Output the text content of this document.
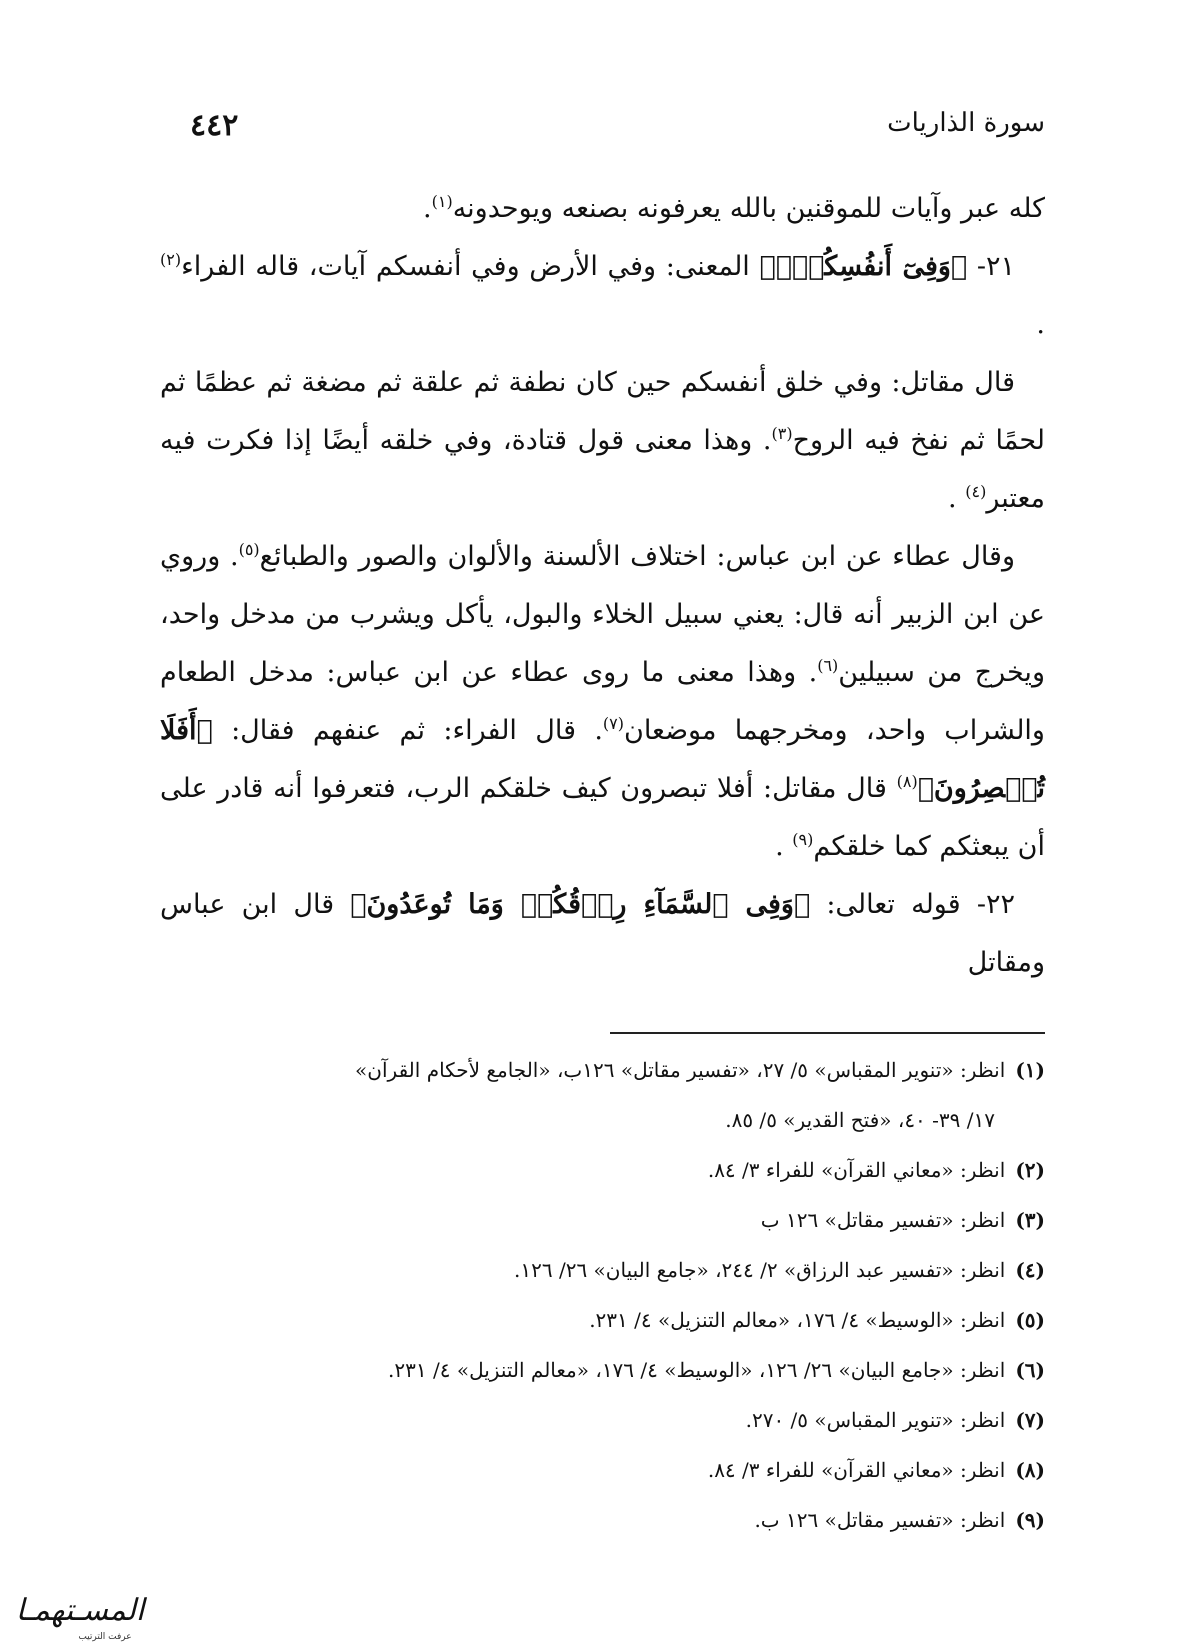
٤٤٢	سورة الذاريات

كله عبر وآيات للموقنين بالله يعرفونه بصنعه ويوحدونه$^{(١)}$.

٢١- ﴿وَفِىٓ أَنفُسِكُمْۚ﴾ المعنى: وفي الأرض وفي أنفسكم آيات، قاله الفراء$^{(٢)}$ .

قال مقاتل: وفي خلق أنفسكم حين كان نطفة ثم علقة ثم مضغة ثم عظمًا ثم لحمًا ثم نفخ فيه الروح$^{(٣)}$. وهذا معنى قول قتادة، وفي خلقه أيضًا إذا فكرت فيه معتبر$^{(٤)}$ .

وقال عطاء عن ابن عباس: اختلاف الألسنة والألوان والصور والطبائع$^{(٥)}$. وروي عن ابن الزبير أنه قال: يعني سبيل الخلاء والبول، يأكل ويشرب من مدخل واحد، ويخرج من سبيلين$^{(٦)}$. وهذا معنى ما روى عطاء عن ابن عباس: مدخل الطعام والشراب واحد، ومخرجهما موضعان$^{(٧)}$. قال الفراء: ثم عنفهم فقال: ﴿أَفَلَا تُبۡصِرُونَ﴾$^{(٨)}$ قال مقاتل: أفلا تبصرون كيف خلقكم الرب، فتعرفوا أنه قادر على أن يبعثكم كما خلقكم$^{(٩)}$ .

٢٢- قوله تعالى: ﴿وَفِى ٱلسَّمَآءِ رِزۡقُكُمۡ وَمَا تُوعَدُونَ﴾ قال ابن عباس ومقاتل

(١)انظر: «تنوير المقباس» ٥/ ٢٧، «تفسير مقاتل» ١٢٦ب، «الجامع لأحكام القرآن»

١٧/ ٣٩- ٤٠، «فتح القدير» ٥/ ٨٥.

(٢)انظر: «معاني القرآن» للفراء ٣/ ٨٤.

(٣)انظر: «تفسير مقاتل» ١٢٦ ب

(٤)انظر: «تفسير عبد الرزاق» ٢/ ٢٤٤، «جامع البيان» ٢٦/ ١٢٦.

(٥)انظر: «الوسيط» ٤/ ١٧٦، «معالم التنزيل» ٤/ ٢٣١.

(٦)انظر: «جامع البيان» ٢٦/ ١٢٦، «الوسيط» ٤/ ١٧٦، «معالم التنزيل» ٤/ ٢٣١.

(٧)انظر: «تنوير المقباس» ٥/ ٢٧٠.

(٨)انظر: «معاني القرآن» للفراء ٣/ ٨٤.

(٩)انظر: «تفسير مقاتل» ١٢٦ ب.

المسـتهمـا
عرفت الترتيب
